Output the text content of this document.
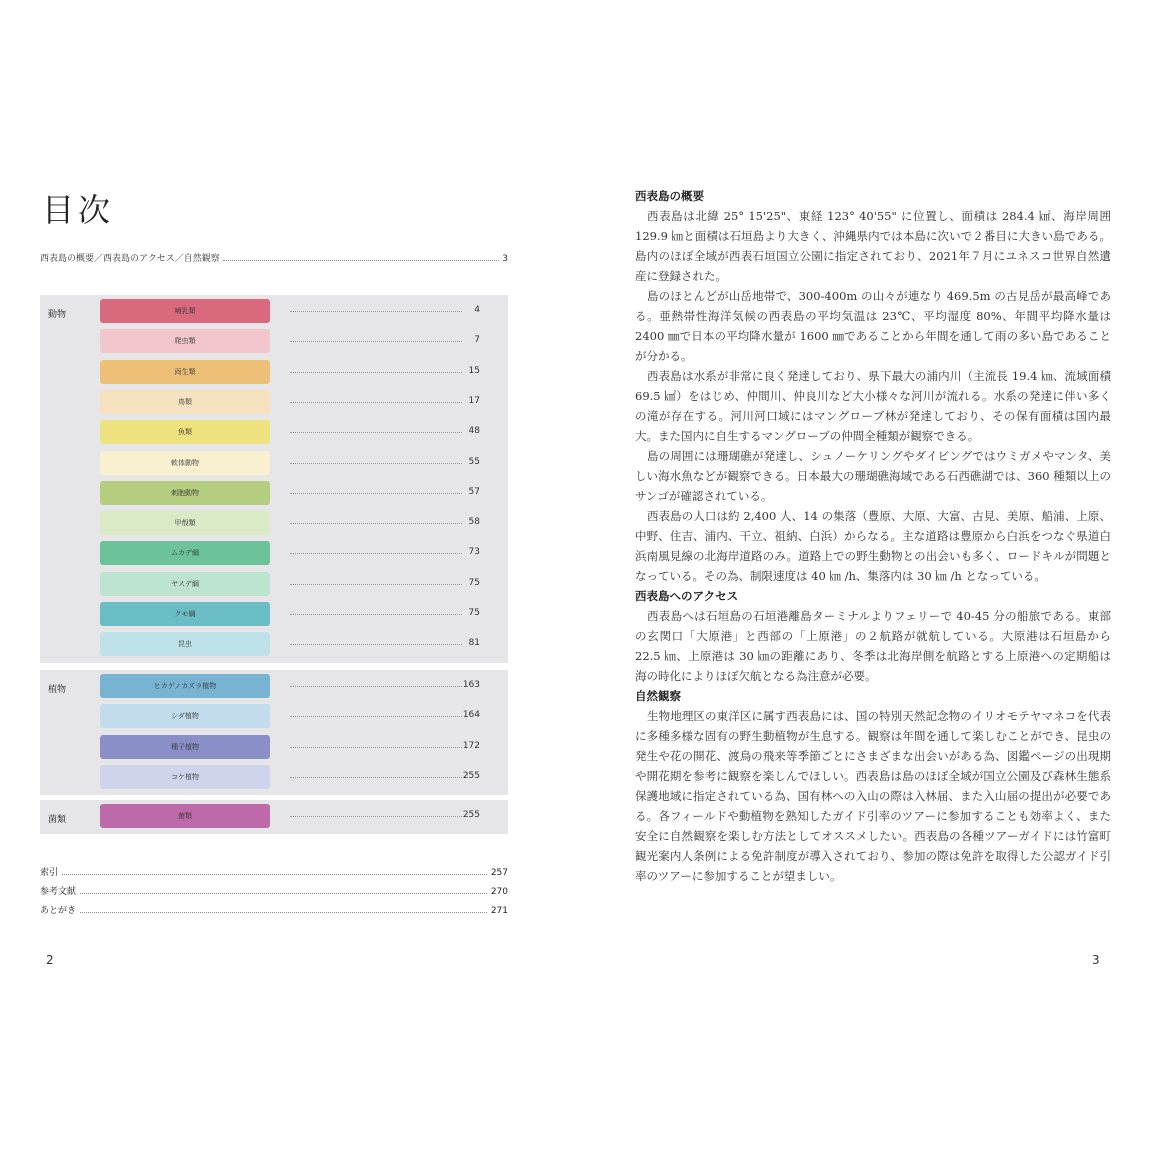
目次
西表島の概要／西表島のアクセス／自然観察	3
動物	哺乳類	4
爬虫類	7
両生類	15
鳥類	17
魚類	48
軟体動物	55
刺胞動物	57
甲殻類	58
ムカデ綱	73
ヤスデ綱	75
クモ綱	75
昆虫	81
植物	ヒカゲノカズラ植物	163
シダ植物	164
種子植物	172
コケ植物	255
菌類	菌類	255
索引	257
参考文献	270
あとがき	271
2
西表島の概要
西表島は北緯 25° 15'25"、東経 123° 40'55" に位置し、面積は 284.4 ㎢、海岸周囲 129.9 ㎞と面積は石垣島より大きく、沖縄県内では本島に次いで２番目に大きい島である。島内のほぼ全域が西表石垣国立公園に指定されており、2021年７月にユネスコ世界自然遺産に登録された。
島のほとんどが山岳地帯で、300-400m の山々が連なり 469.5m の古見岳が最高峰である。亜熱帯性海洋気候の西表島の平均気温は 23℃、平均湿度 80%、年間平均降水量は 2400 ㎜で日本の平均降水量が 1600 ㎜であることから年間を通して雨の多い島であることが分かる。
西表島は水系が非常に良く発達しており、県下最大の浦内川（主流長 19.4 ㎞、流域面積 69.5 ㎢）をはじめ、仲間川、仲良川など大小様々な河川が流れる。水系の発達に伴い多くの滝が存在する。河川河口域にはマングローブ林が発達しており、その保有面積は国内最大。また国内に自生するマングローブの仲間全種類が観察できる。
島の周囲には珊瑚礁が発達し、シュノーケリングやダイビングではウミガメやマンタ、美しい海水魚などが観察できる。日本最大の珊瑚礁海域である石西礁湖では、360 種類以上のサンゴが確認されている。
西表島の人口は約 2,400 人、14 の集落（豊原、大原、大富、古見、美原、船浦、上原、中野、住吉、浦内、干立、祖納、白浜）からなる。主な道路は豊原から白浜をつなぐ県道白浜南風見線の北海岸道路のみ。道路上での野生動物との出会いも多く、ロードキルが問題となっている。その為、制限速度は 40 ㎞ /h、集落内は 30 ㎞ /h となっている。
西表島へのアクセス
西表島へは石垣島の石垣港離島ターミナルよりフェリーで 40-45 分の船旅である。東部の玄関口「大原港」と西部の「上原港」の２航路が就航している。大原港は石垣島から 22.5 ㎞、上原港は 30 ㎞の距離にあり、冬季は北海岸側を航路とする上原港への定期船は海の時化によりほぼ欠航となる為注意が必要。
自然観察
生物地理区の東洋区に属す西表島には、国の特別天然記念物のイリオモテヤマネコを代表に多種多様な固有の野生動植物が生息する。観察は年間を通して楽しむことができ、昆虫の発生や花の開花、渡鳥の飛来等季節ごとにさまざまな出会いがある為、図鑑ページの出現期や開花期を参考に観察を楽しんでほしい。西表島は島のほぼ全域が国立公園及び森林生態系保護地域に指定されている為、国有林への入山の際は入林届、また入山届の提出が必要である。各フィールドや動植物を熟知したガイド引率のツアーに参加することも効率よく、また安全に自然観察を楽しむ方法としてオススメしたい。西表島の各種ツアーガイドには竹富町観光案内人条例による免許制度が導入されており、参加の際は免許を取得した公認ガイド引率のツアーに参加することが望ましい。
3
